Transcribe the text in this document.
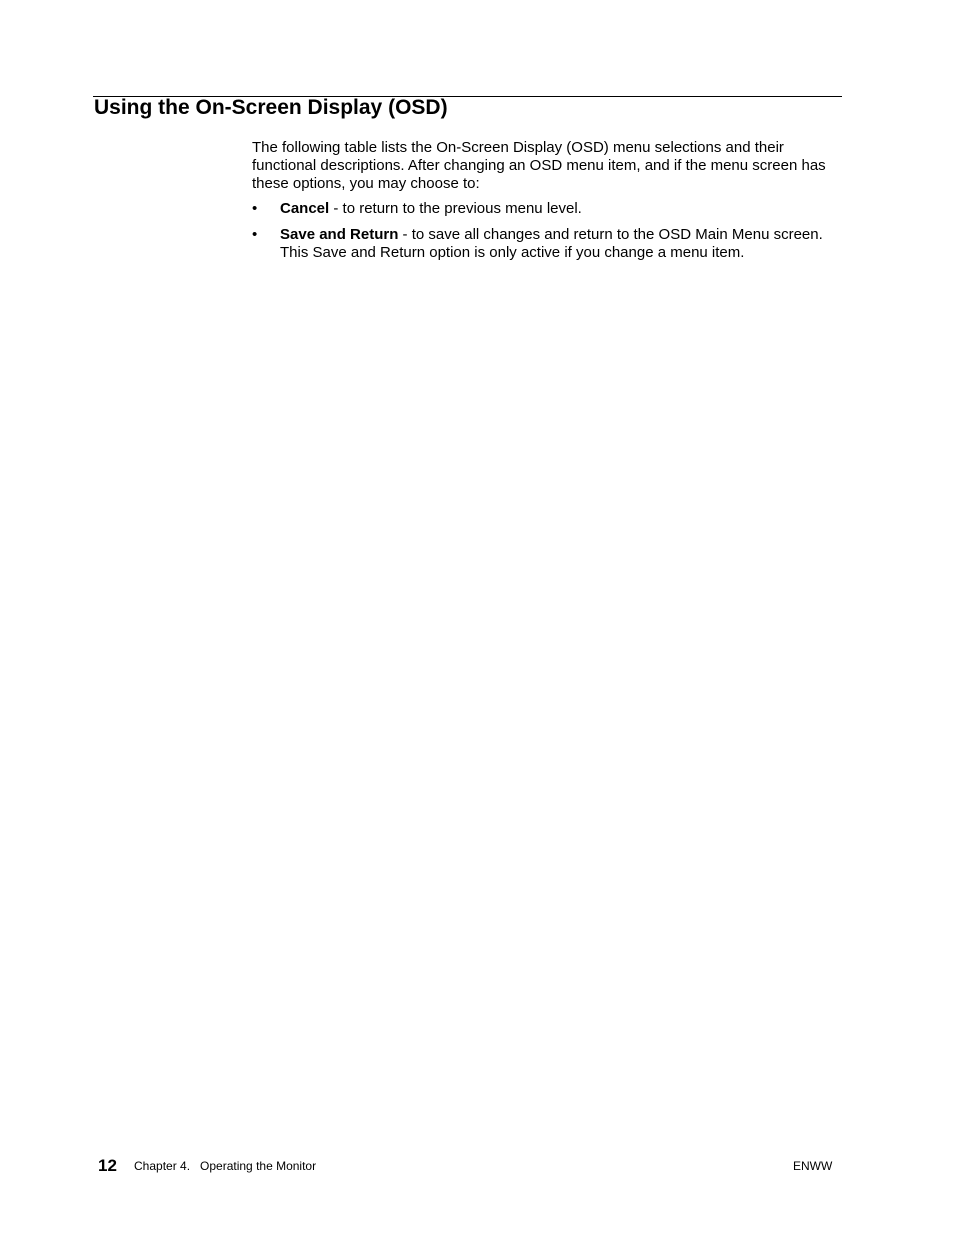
Using the On-Screen Display (OSD)

The following table lists the On-Screen Display (OSD) menu selections and their functional descriptions. After changing an OSD menu item, and if the menu screen has these options, you may choose to:

• Cancel - to return to the previous menu level.
• Save and Return - to save all changes and return to the OSD Main Menu screen. This Save and Return option is only active if you change a menu item.
12 Chapter 4.   Operating the Monitor	ENWW
